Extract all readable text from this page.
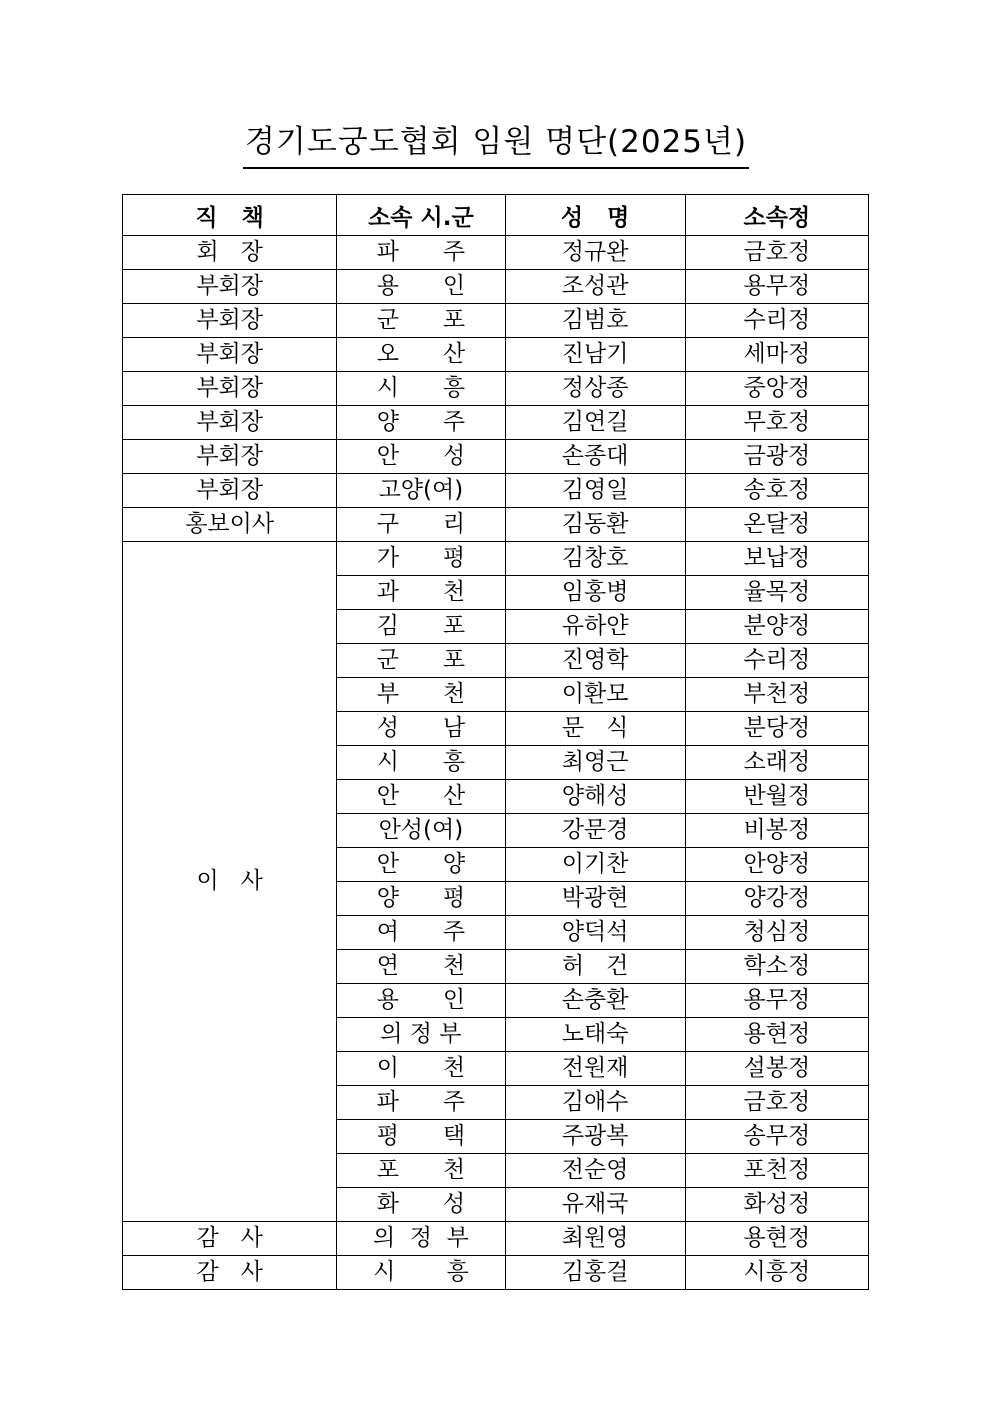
경기도궁도협회 임원 명단(2025년)
직   책	소속 시.군	성   명	소속정
회   장	파      주	정규완	금호정
부회장	용      인	조성관	용무정
부회장	군      포	김범호	수리정
부회장	오      산	진남기	세마정
부회장	시      흥	정상종	중앙정
부회장	양      주	김연길	무호정
부회장	안      성	손종대	금광정
부회장	고양(여)	김영일	송호정
홍보이사	구      리	김동환	온달정
이   사	가      평	김창호	보납정
	과      천	임홍병	율목정
	김      포	유하얀	분양정
	군      포	진영학	수리정
	부      천	이환모	부천정
	성      남	문   식	분당정
	시      흥	최영근	소래정
	안      산	양해성	반월정
	안성(여)	강문경	비봉정
	안      양	이기찬	안양정
	양      평	박광현	양강정
	여      주	양덕석	청심정
	연      천	허   건	학소정
	용      인	손충환	용무정
	의 정 부	노태숙	용현정
	이      천	전원재	설봉정
	파      주	김애수	금호정
	평      택	주광복	송무정
	포      천	전순영	포천정
	화      성	유재국	화성정
감   사	의  정  부	최원영	용현정
감   사	시       흥	김홍걸	시흥정
